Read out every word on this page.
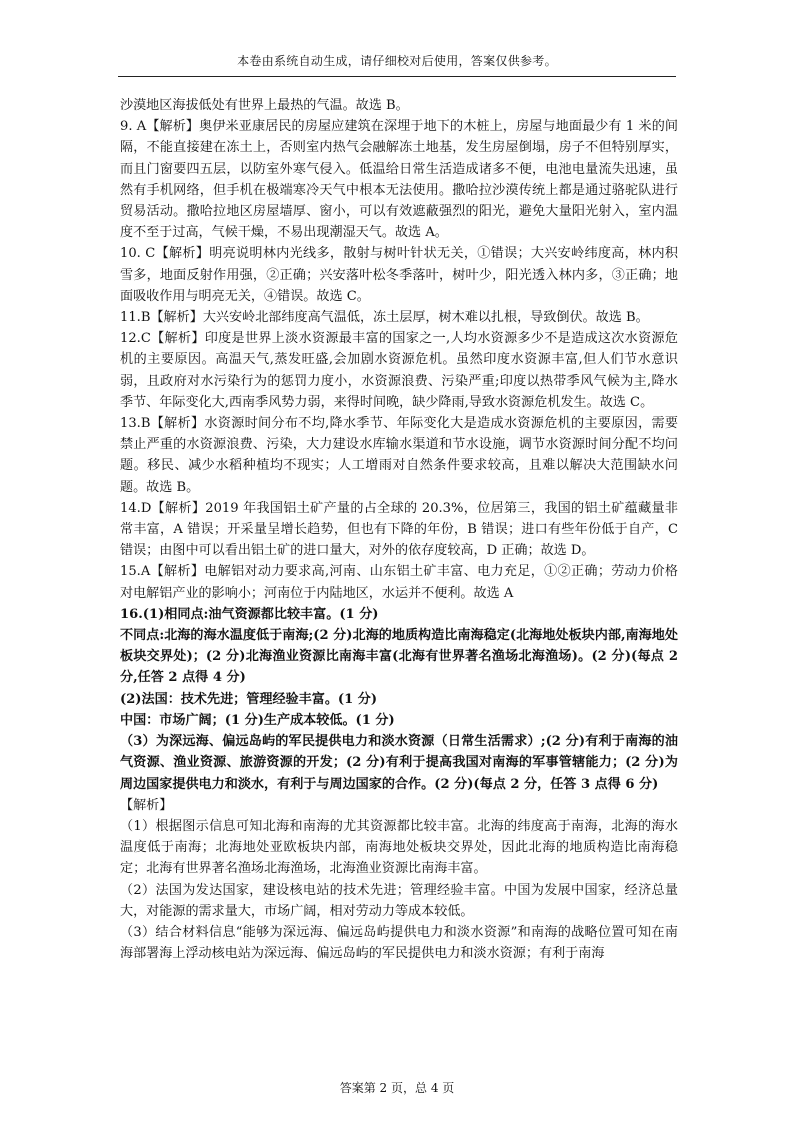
本卷由系统自动生成，请仔细校对后使用，答案仅供参考。

沙漠地区海拔低处有世界上最热的气温。故选 B。

9. A【解析】奥伊米亚康居民的房屋应建筑在深埋于地下的木桩上，房屋与地面最少有 1 米的间隔，不能直接建在冻土上，否则室内热气会融解冻土地基，发生房屋倒塌，房子不但特别厚实，而且门窗要四五层，以防室外寒气侵入。低温给日常生活造成诸多不便，电池电量流失迅速，虽然有手机网络，但手机在极端寒冷天气中根本无法使用。撒哈拉沙漠传统上都是通过骆驼队进行贸易活动。撒哈拉地区房屋墙厚、窗小，可以有效遮蔽强烈的阳光，避免大量阳光射入，室内温度不至于过高，气候干燥，不易出现潮湿天气。故选 A。

10. C【解析】明亮说明林内光线多，散射与树叶针状无关，①错误；大兴安岭纬度高，林内积雪多，地面反射作用强，②正确；兴安落叶松冬季落叶，树叶少，阳光透入林内多，③正确；地面吸收作用与明亮无关，④错误。故选 C。

11.B【解析】大兴安岭北部纬度高气温低，冻土层厚，树木难以扎根，导致倒伏。故选 B。

12.C【解析】印度是世界上淡水资源最丰富的国家之一,人均水资源多少不是造成这次水资源危机的主要原因。高温天气,蒸发旺盛,会加剧水资源危机。虽然印度水资源丰富,但人们节水意识弱，且政府对水污染行为的惩罚力度小，水资源浪费、污染严重;印度以热带季风气候为主,降水季节、年际变化大,西南季风势力弱，来得时间晚，缺少降雨,导致水资源危机发生。故选 C。

13.B【解析】水资源时间分布不均,降水季节、年际变化大是造成水资源危机的主要原因，需要禁止严重的水资源浪费、污染，大力建设水库输水渠道和节水设施，调节水资源时间分配不均问题。移民、减少水稻种植均不现实；人工增雨对自然条件要求较高，且难以解决大范围缺水问题。故选 B。

14.D【解析】2019 年我国铝土矿产量的占全球的 20.3%，位居第三，我国的铝土矿蕴藏量非常丰富，A 错误；开采量呈增长趋势，但也有下降的年份，B 错误；进口有些年份低于自产，C 错误；由图中可以看出铝土矿的进口量大，对外的依存度较高，D 正确；故选 D。

15.A【解析】电解铝对动力要求高,河南、山东铝土矿丰富、电力充足，①②正确；劳动力价格对电解铝产业的影响小；河南位于内陆地区，水运并不便利。故选 A

16.(1)相同点:油气资源都比较丰富。(1 分)

不同点:北海的海水温度低于南海;(2 分)北海的地质构造比南海稳定(北海地处板块内部,南海地处板块交界处)；(2 分)北海渔业资源比南海丰富(北海有世界著名渔场北海渔场)。(2 分)(每点 2 分,任答 2 点得 4 分)

(2)法国：技术先进；管理经验丰富。(1 分)

中国：市场广阔；(1 分)生产成本较低。(1 分)

（3）为深远海、偏远岛屿的军民提供电力和淡水资源（日常生活需求）;(2 分)有利于南海的油气资源、渔业资源、旅游资源的开发；(2 分)有利于提高我国对南海的军事管辖能力；(2 分)为周边国家提供电力和淡水，有利于与周边国家的合作。(2 分)(每点 2 分，任答 3 点得 6 分)

【解析】

（1）根据图示信息可知北海和南海的尤其资源都比较丰富。北海的纬度高于南海，北海的海水温度低于南海；北海地处亚欧板块内部，南海地处板块交界处，因此北海的地质构造比南海稳定；北海有世界著名渔场北海渔场，北海渔业资源比南海丰富。

（2）法国为发达国家，建设核电站的技术先进；管理经验丰富。中国为发展中国家，经济总量大，对能源的需求量大，市场广阔，相对劳动力等成本较低。

（3）结合材料信息“能够为深远海、偏远岛屿提供电力和淡水资源”和南海的战略位置可知在南海部署海上浮动核电站为深远海、偏远岛屿的军民提供电力和淡水资源；有利于南海

答案第 2 页，总 4 页
